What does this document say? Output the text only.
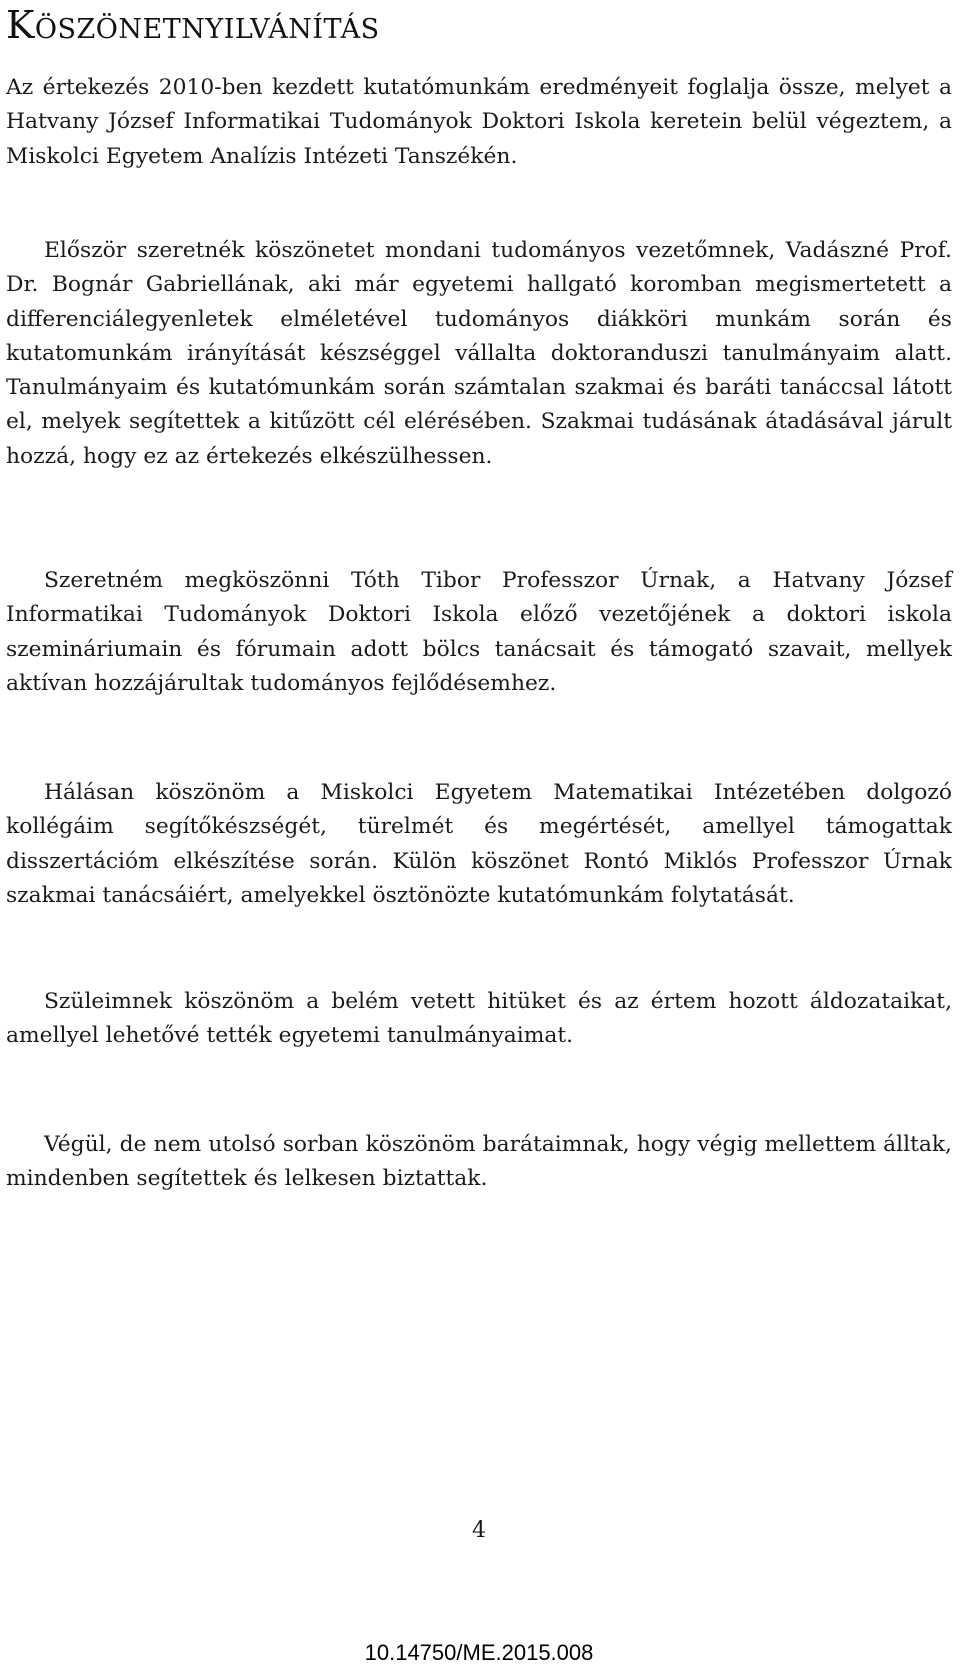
Köszönetnyilvánítás

Az értekezés 2010-ben kezdett kutatómunkám eredményeit foglalja össze, melyet a Hatvany József Informatikai Tudományok Doktori Iskola keretein belül végeztem, a Miskolci Egyetem Analízis Intézeti Tanszékén.

Először szeretnék köszönetet mondani tudományos vezetőmnek, Vadászné Prof. Dr. Bognár Gabriellának, aki már egyetemi hallgató koromban megismertetett a differenciálegyenletek elméletével tudományos diákköri munkám során és kutatomunkám irányítását készséggel vállalta doktoranduszi tanulmányaim alatt. Tanulmányaim és kutatómunkám során számtalan szakmai és baráti tanáccsal látott el, melyek segítettek a kitűzött cél elérésében. Szakmai tudásának átadásával járult hozzá, hogy ez az értekezés elkészülhessen.

Szeretném megköszönni Tóth Tibor Professzor Úrnak, a Hatvany József Informatikai Tudományok Doktori Iskola előző vezetőjének a doktori iskola szemináriumain és fórumain adott bölcs tanácsait és támogató szavait, mellyek aktívan hozzájárultak tudományos fejlődésemhez.

Hálásan köszönöm a Miskolci Egyetem Matematikai Intézetében dolgozó kollégáim segítőkészségét, türelmét és megértését, amellyel támogattak disszertációm elkészítése során. Külön köszönet Rontó Miklós Professzor Úrnak szakmai tanácsáiért, amelyekkel ösztönözte kutatómunkám folytatását.

Szüleimnek köszönöm a belém vetett hitüket és az értem hozott áldozataikat, amellyel lehetővé tették egyetemi tanulmányaimat.

Végül, de nem utolsó sorban köszönöm barátaimnak, hogy végig mellettem álltak, mindenben segítettek és lelkesen biztattak.

4
10.14750/ME.2015.008
